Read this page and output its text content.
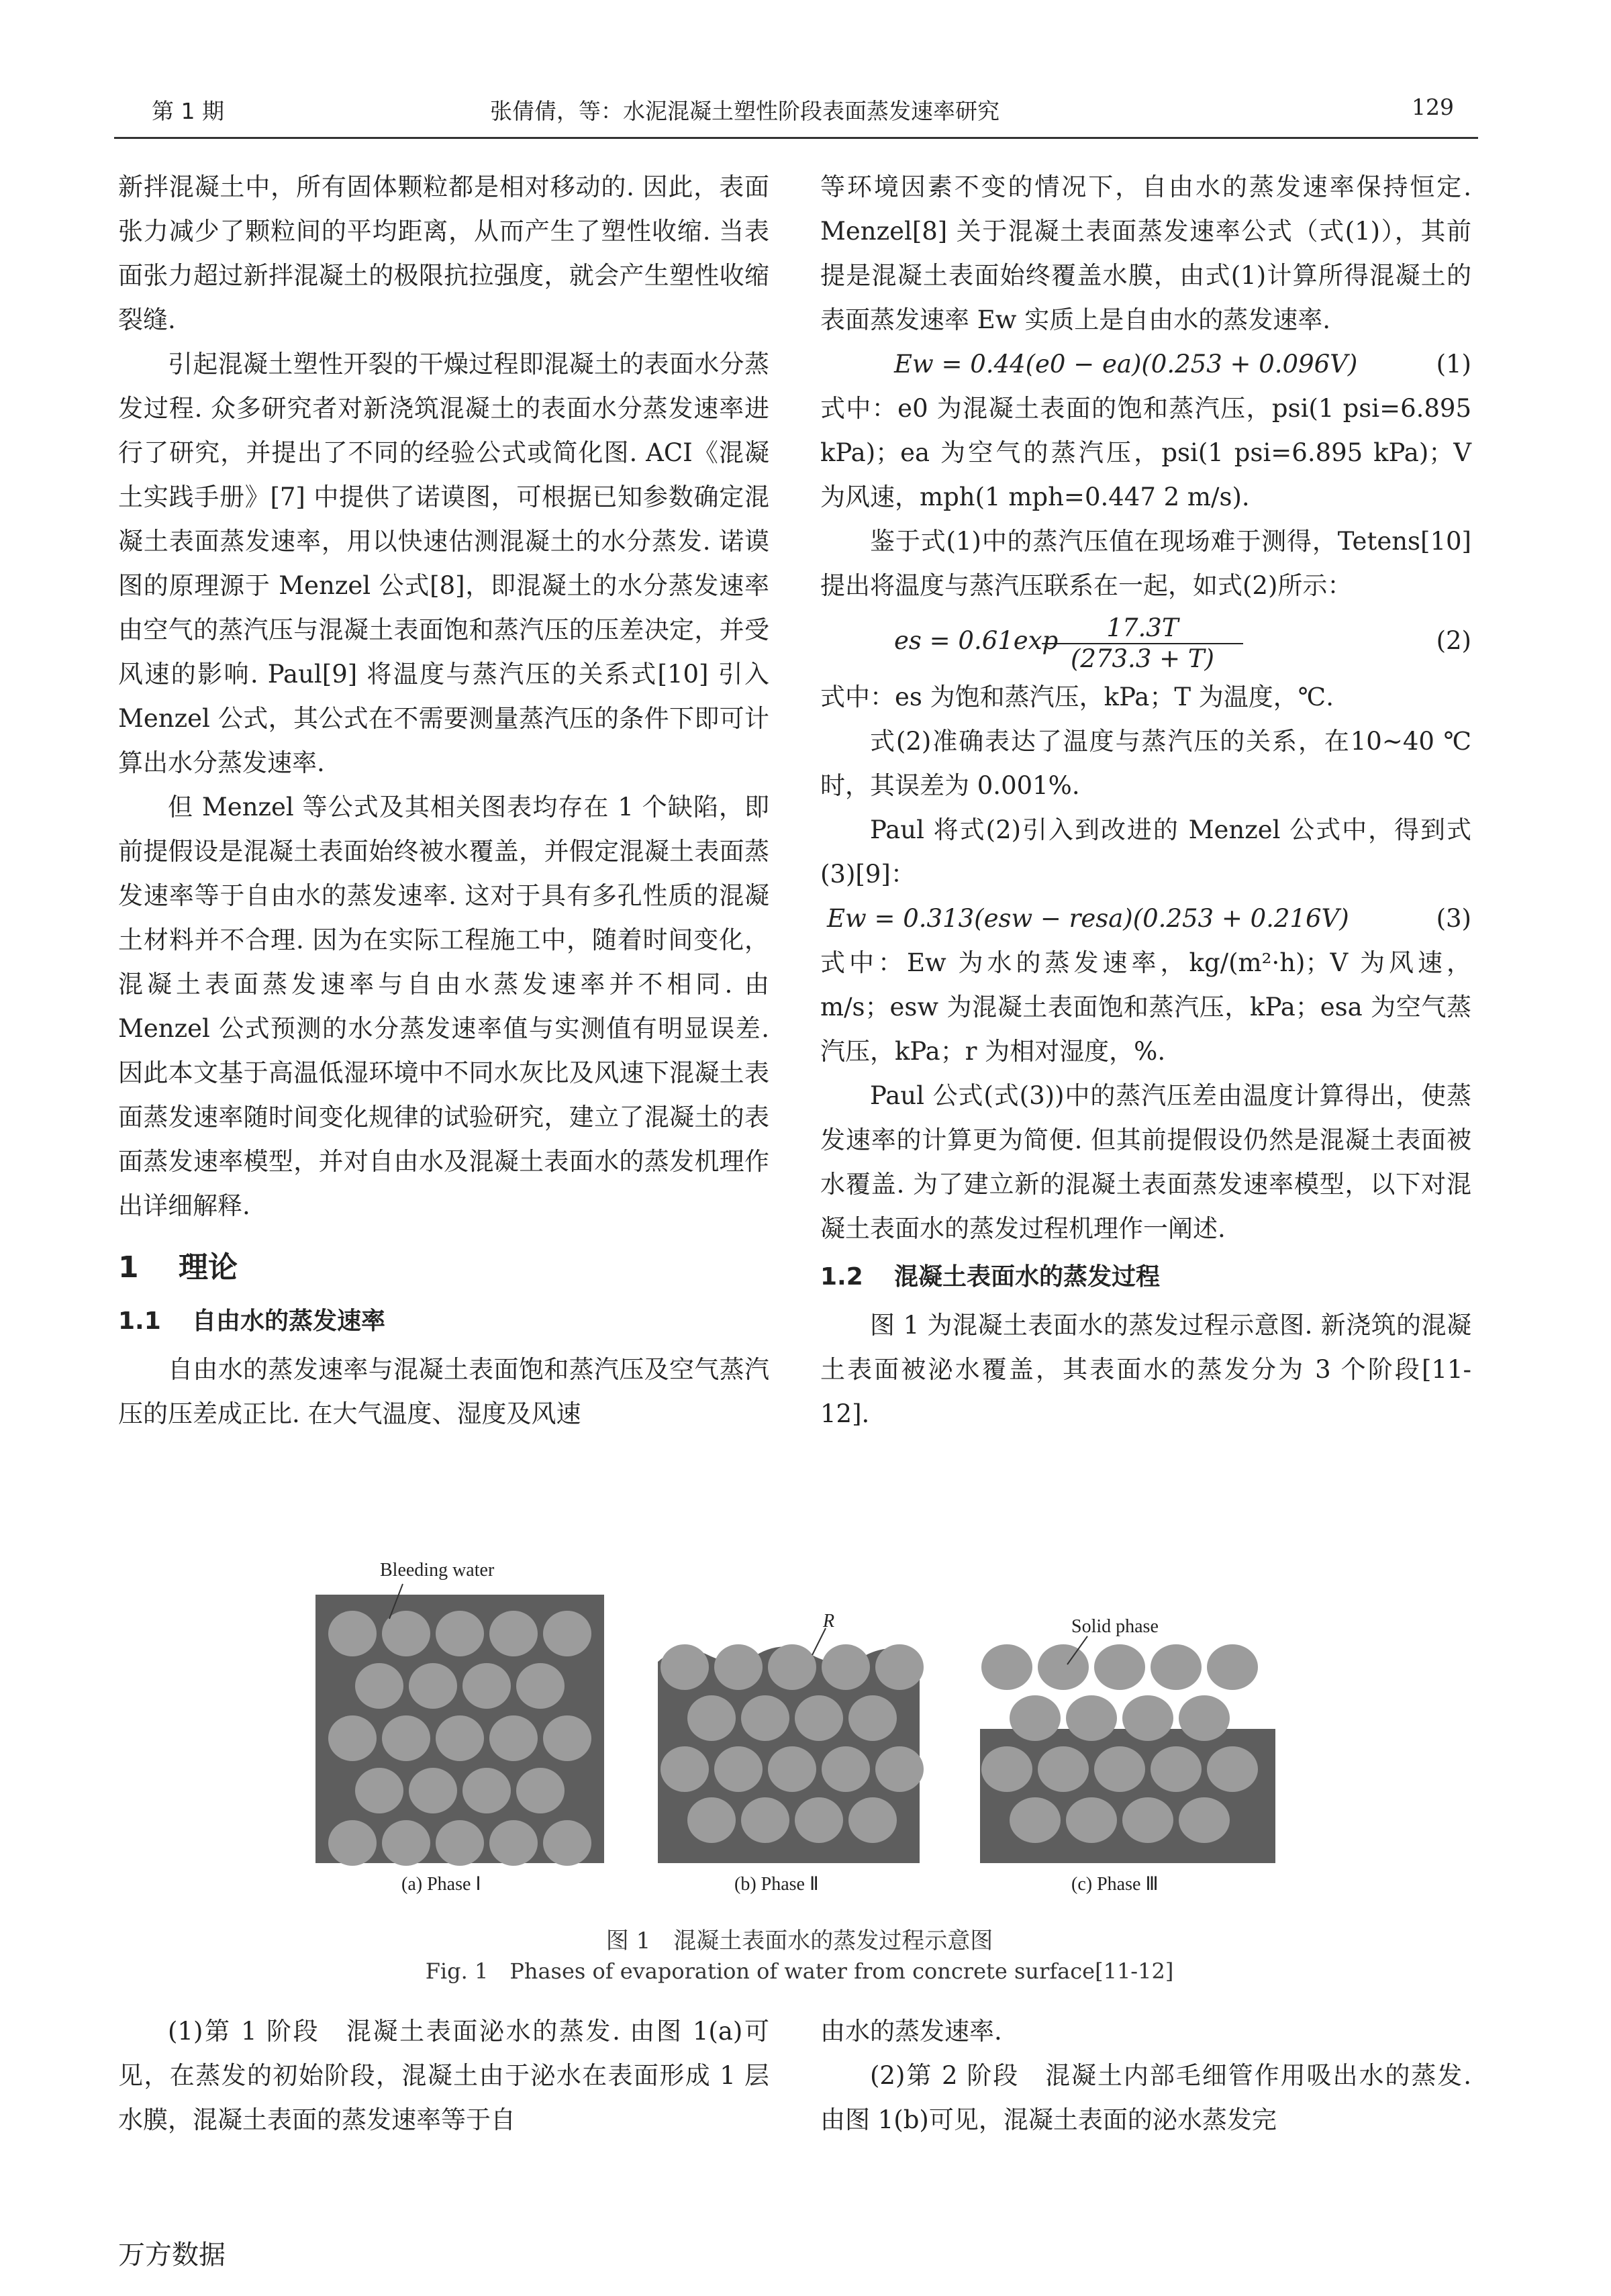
第 1 期	张倩倩，等：水泥混凝土塑性阶段表面蒸发速率研究	129

新拌混凝土中，所有固体颗粒都是相对移动的. 因此，表面张力减少了颗粒间的平均距离，从而产生了塑性收缩. 当表面张力超过新拌混凝土的极限抗拉强度，就会产生塑性收缩裂缝.

引起混凝土塑性开裂的干燥过程即混凝土的表面水分蒸发过程. 众多研究者对新浇筑混凝土的表面水分蒸发速率进行了研究，并提出了不同的经验公式或简化图. ACI《混凝土实践手册》[7] 中提供了诺谟图，可根据已知参数确定混凝土表面蒸发速率，用以快速估测混凝土的水分蒸发. 诺谟图的原理源于 Menzel 公式[8]，即混凝土的水分蒸发速率由空气的蒸汽压与混凝土表面饱和蒸汽压的压差决定，并受风速的影响. Paul[9] 将温度与蒸汽压的关系式[10] 引入 Menzel 公式，其公式在不需要测量蒸汽压的条件下即可计算出水分蒸发速率.

但 Menzel 等公式及其相关图表均存在 1 个缺陷，即前提假设是混凝土表面始终被水覆盖，并假定混凝土表面蒸发速率等于自由水的蒸发速率. 这对于具有多孔性质的混凝土材料并不合理. 因为在实际工程施工中，随着时间变化，混凝土表面蒸发速率与自由水蒸发速率并不相同. 由 Menzel 公式预测的水分蒸发速率值与实测值有明显误差. 因此本文基于高温低湿环境中不同水灰比及风速下混凝土表面蒸发速率随时间变化规律的试验研究，建立了混凝土的表面蒸发速率模型，并对自由水及混凝土表面水的蒸发机理作出详细解释.

1 理论
1.1 自由水的蒸发速率

自由水的蒸发速率与混凝土表面饱和蒸汽压及空气蒸汽压的压差成正比. 在大气温度、湿度及风速

等环境因素不变的情况下，自由水的蒸发速率保持恒定. Menzel[8] 关于混凝土表面蒸发速率公式（式(1)），其前提是混凝土表面始终覆盖水膜，由式(1)计算所得混凝土的表面蒸发速率 Ew 实质上是自由水的蒸发速率.

Ew = 0.44(e0 − ea)(0.253 + 0.096V)	(1)

式中：e0 为混凝土表面的饱和蒸汽压，psi(1 psi=6.895 kPa)；ea 为空气的蒸汽压，psi(1 psi=6.895 kPa)；V 为风速，mph(1 mph=0.447 2 m/s).

鉴于式(1)中的蒸汽压值在现场难于测得，Tetens[10] 提出将温度与蒸汽压联系在一起，如式(2)所示：

es = 0.61exp
$\frac{17.3T}{(273.3 + T)}$	(2)

式中：es 为饱和蒸汽压，kPa；T 为温度，℃.

式(2)准确表达了温度与蒸汽压的关系，在10~40 ℃时，其误差为 0.001%.

Paul 将式(2)引入到改进的 Menzel 公式中，得到式(3)[9]：

Ew = 0.313(esw − resa)(0.253 + 0.216V)	(3)

式中：Ew 为水的蒸发速率，kg/(m²·h)；V 为风速，m/s；esw 为混凝土表面饱和蒸汽压，kPa；esa 为空气蒸汽压，kPa；r 为相对湿度，%.

Paul 公式(式(3))中的蒸汽压差由温度计算得出，使蒸发速率的计算更为简便. 但其前提假设仍然是混凝土表面被水覆盖. 为了建立新的混凝土表面蒸发速率模型，以下对混凝土表面水的蒸发过程机理作一阐述.

1.2 混凝土表面水的蒸发过程

图 1 为混凝土表面水的蒸发过程示意图. 新浇筑的混凝土表面被泌水覆盖，其表面水的蒸发分为 3 个阶段[11-12].

Bleeding water
R	Solid phase
(a) Phase Ⅰ	(b) Phase Ⅱ	(c) Phase Ⅲ
图 1　混凝土表面水的蒸发过程示意图
Fig. 1　Phases of evaporation of water from concrete surface[11-12]

(1)第 1 阶段　混凝土表面泌水的蒸发. 由图 1(a)可见，在蒸发的初始阶段，混凝土由于泌水在表面形成 1 层水膜，混凝土表面的蒸发速率等于自

由水的蒸发速率.

(2)第 2 阶段　混凝土内部毛细管作用吸出水的蒸发. 由图 1(b)可见，混凝土表面的泌水蒸发完

万方数据
